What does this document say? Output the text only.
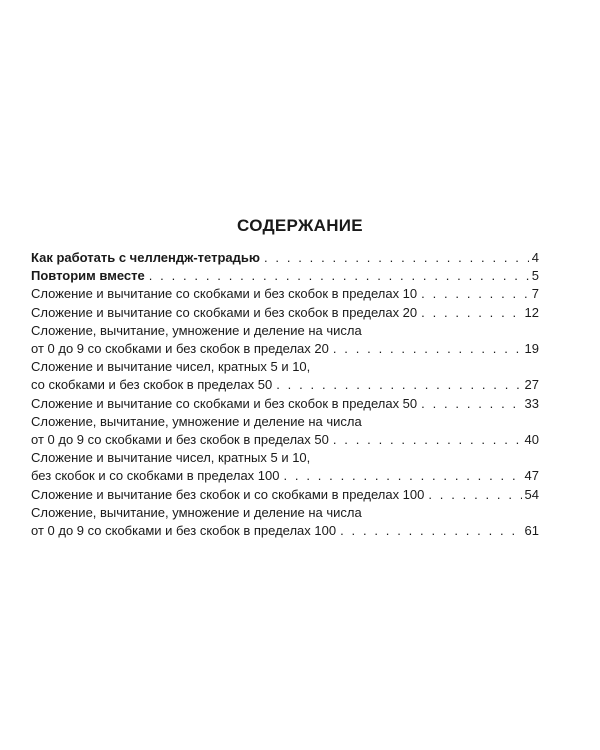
СОДЕРЖАНИЕ
Как работать с челлендж-тетрадью . . .	4
Повторим вместе . . .	5
Сложение и вычитание со скобками и без скобок в пределах 10 . . .	7
Сложение и вычитание со скобками и без скобок в пределах 20 . . .	12
Сложение, вычитание, умножение и деление на числа
от 0 до 9 со скобками и без скобок в пределах 20 . . .	19
Сложение и вычитание чисел, кратных 5 и 10,
со скобками и без скобок в пределах 50 . . .	27
Сложение и вычитание со скобками и без скобок в пределах 50 . . .	33
Сложение, вычитание, умножение и деление на числа
от 0 до 9 со скобками и без скобок в пределах 50 . . .	40
Сложение и вычитание чисел, кратных 5 и 10,
без скобок и со скобками в пределах 100 . . .	47
Сложение и вычитание без скобок и со скобками в пределах 100 . . .	54
Сложение, вычитание, умножение и деление на числа
от 0 до 9 со скобками и без скобок в пределах 100 . . .	61
